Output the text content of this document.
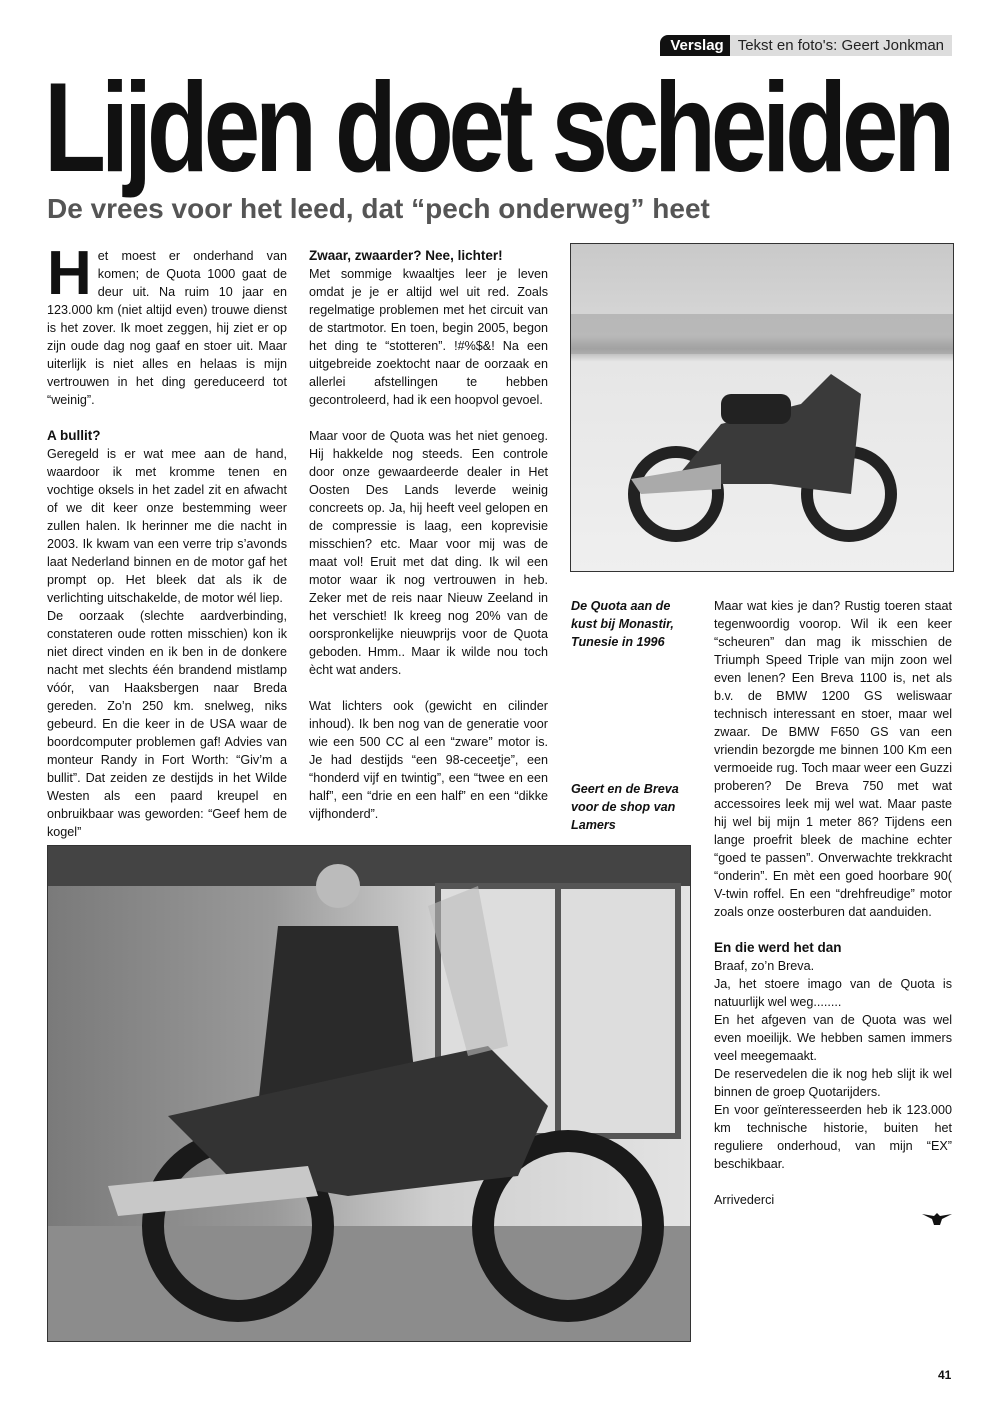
Verslag Tekst en foto's: Geert Jonkman
Lijden doet scheiden
De vrees voor het leed, dat “pech onderweg” heet
H et moest er onderhand van komen; de Quota 1000 gaat de deur uit. Na ruim 10 jaar en 123.000 km (niet altijd even) trouwe dienst is het zover. Ik moet zeggen, hij ziet er op zijn oude dag nog gaaf en stoer uit. Maar uiterlijk is niet alles en helaas is mijn vertrouwen in het ding gereduceerd tot “weinig”.

A bullit?

Geregeld is er wat mee aan de hand, waardoor ik met kromme tenen en vochtige oksels in het zadel zit en afwacht of we dit keer onze bestemming weer zullen halen. Ik herinner me die nacht in 2003. Ik kwam van een verre trip s’avonds laat Nederland binnen en de motor gaf het prompt op. Het bleek dat als ik de verlichting uitschakelde, de motor wél liep.

De oorzaak (slechte aardverbinding, constateren oude rotten misschien) kon ik niet direct vinden en ik ben in de donkere nacht met slechts één brandend mistlamp vóór, van Haaksbergen naar Breda gereden. Zo’n 250 km. snelweg, niks gebeurd. En die keer in de USA waar de boordcomputer problemen gaf! Advies van monteur Randy in Fort Worth: “Giv’m a bullit”. Dat zeiden ze destijds in het Wilde Westen als een paard kreupel en onbruikbaar was geworden: “Geef hem de kogel”

Zwaar, zwaarder? Nee, lichter!

Met sommige kwaaltjes leer je leven omdat je je er altijd wel uit red. Zoals regelmatige problemen met het circuit van de startmotor. En toen, begin 2005, begon het ding te “stotteren”. !#%$&! Na een uitgebreide zoektocht naar de oorzaak en allerlei afstellingen te hebben gecontroleerd, had ik een hoopvol gevoel.

Maar voor de Quota was het niet genoeg. Hij hakkelde nog steeds. Een controle door onze gewaardeerde dealer in Het Oosten Des Lands leverde weinig concreets op. Ja, hij heeft veel gelopen en de compressie is laag, een koprevisie misschien? etc. Maar voor mij was de maat vol! Eruit met dat ding. Ik wil een motor waar ik nog vertrouwen in heb. Zeker met de reis naar Nieuw Zeeland in het verschiet! Ik kreeg nog 20% van de oorspronkelijke nieuwprijs voor de Quota geboden. Hmm.. Maar ik wilde nou toch ècht wat anders.

Wat lichters ook (gewicht en cilinder inhoud). Ik ben nog van de generatie voor wie een 500 CC al een “zware” motor is. Je had destijds “een 98-ceceetje”, een “honderd vijf en twintig”, een “twee en een half”, een “drie en een half” en een “dikke vijfhonderd”.

De Quota aan de kust bij Monastir, Tunesie in 1996
Geert en de Breva voor de shop van Lamers

Maar wat kies je dan? Rustig toeren staat tegenwoordig voorop. Wil ik een keer “scheuren” dan mag ik misschien de Triumph Speed Triple van mijn zoon wel even lenen? Een Breva 1100 is, net als b.v. de BMW 1200 GS weliswaar technisch interessant en stoer, maar wel zwaar. De BMW F650 GS van een vriendin bezorgde me binnen 100 Km een vermoeide rug. Toch maar weer een Guzzi proberen? De Breva 750 met wat accessoires leek mij wel wat. Maar paste hij wel bij mijn 1 meter 86? Tijdens een lange proefrit bleek de machine echter “goed te passen”. Onverwachte trekkracht “onderin”. En mèt een goed hoorbare 90( V-twin roffel. En een “drehfreudige” motor zoals onze oosterburen dat aanduiden.

En die werd het dan

Braaf, zo’n Breva.

Ja, het stoere imago van de Quota is natuurlijk wel weg........

En het afgeven van de Quota was wel even moeilijk. We hebben samen immers veel meegemaakt.

De reservedelen die ik nog heb slijt ik wel binnen de groep Quotarijders.

En voor geïnteresseerden heb ik 123.000 km technische historie, buiten het reguliere onderhoud, van mijn “EX” beschikbaar.

Arrivederci

41
